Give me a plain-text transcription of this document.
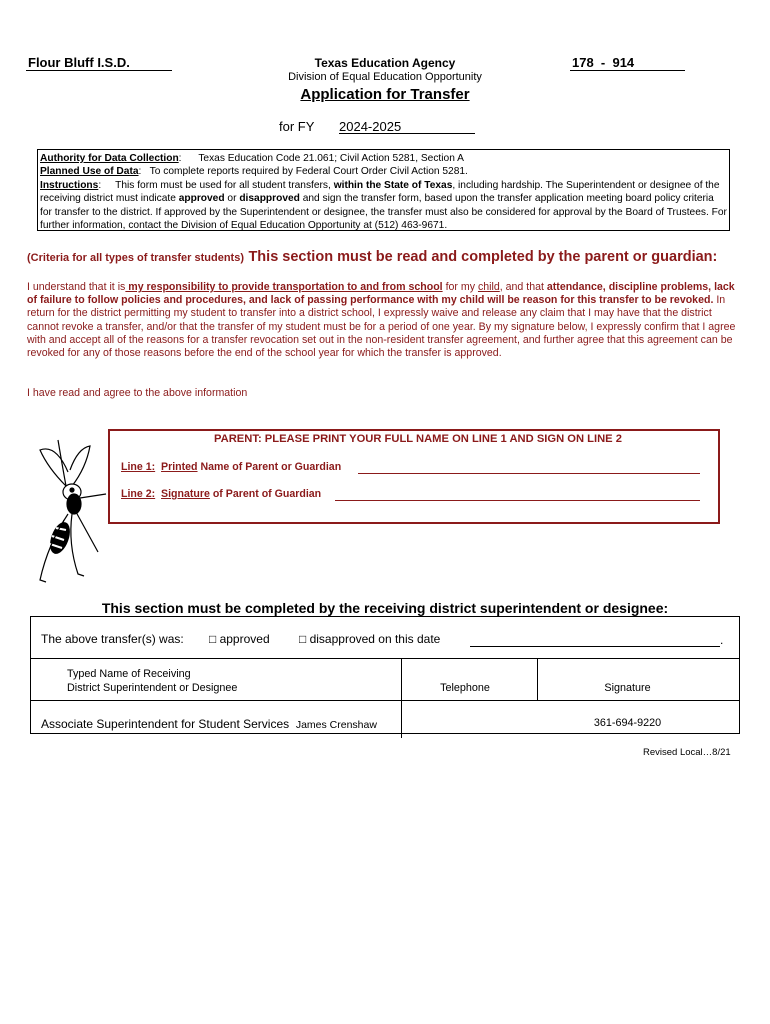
Flour Bluff I.S.D.	Texas Education Agency
Division of Equal Education Opportunity
178  -  914
Application for Transfer
for FY 2024-2025
Authority for Data Collection:      Texas Education Code 21.061; Civil Action 5281, Section A
Planned Use of Data:   To complete reports required by Federal Court Order Civil Action 5281.
Instructions:     This form must be used for all student transfers, within the State of Texas, including hardship. The Superintendent or designee of the receiving district must indicate approved or disapproved and sign the transfer form, based upon the transfer application meeting board policy criteria for transfer to the district. If approved by the Superintendent or designee, the transfer must also be considered for approval by the Board of Trustees. For further information, contact the Division of Equal Education Opportunity at (512) 463-9671.
(Criteria for all types of transfer students) This section must be read and completed by the parent or guardian:
I understand that it is my responsibility to provide transportation to and from school for my child, and that attendance, discipline problems, lack of failure to follow policies and procedures, and lack of passing performance with my child will be reason for this transfer to be revoked. In return for the district permitting my student to transfer into a district school, I expressly waive and release any claim that I may have that the district cannot revoke a transfer, and/or that the transfer of my student must be for a period of one year. By my signature below, I expressly confirm that I agree with and accept all of the reasons for a transfer revocation set out in the non-resident transfer agreement, and further agree that this agreement can be revoked for any of those reasons before the end of the school year for which the transfer is approved.
I have read and agree to the above information
PARENT: PLEASE PRINT YOUR FULL NAME ON LINE 1 AND SIGN ON LINE 2
Line 1: Printed Name of Parent or Guardian
Line 2: Signature of Parent of Guardian
This section must be completed by the receiving district superintendent or designee:
The above transfer(s) was: □ approved □ disapproved on this date	.
Typed Name of Receiving
District Superintendent or Designee	Telephone	Signature
Associate Superintendent for Student Services James Crenshaw	361-694-9220
Revised Local…8/21
